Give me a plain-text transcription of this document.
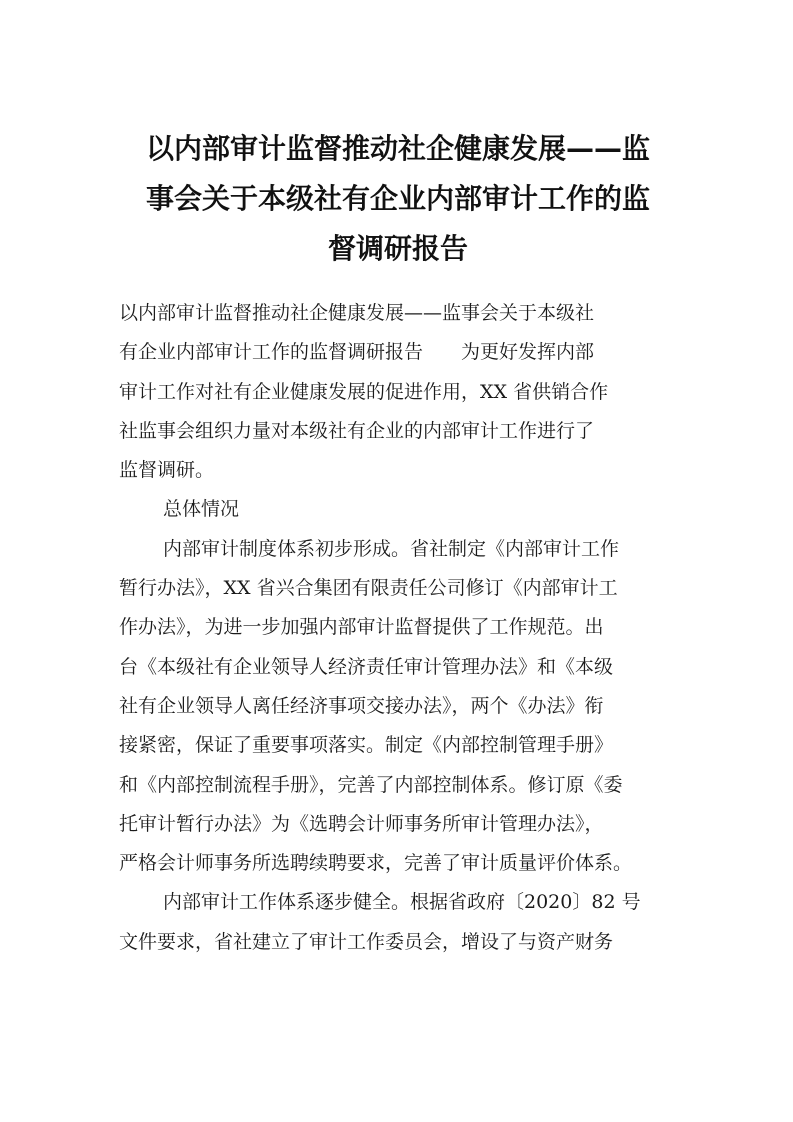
以内部审计监督推动社企健康发展——监
事会关于本级社有企业内部审计工作的监
督调研报告
以内部审计监督推动社企健康发展——监事会关于本级社
有企业内部审计工作的监督调研报告　　为更好发挥内部
审计工作对社有企业健康发展的促进作用，XX 省供销合作
社监事会组织力量对本级社有企业的内部审计工作进行了
监督调研。
总体情况
内部审计制度体系初步形成。省社制定《内部审计工作
暂行办法》，XX 省兴合集团有限责任公司修订《内部审计工
作办法》，为进一步加强内部审计监督提供了工作规范。出
台《本级社有企业领导人经济责任审计管理办法》和《本级
社有企业领导人离任经济事项交接办法》，两个《办法》衔
接紧密，保证了重要事项落实。制定《内部控制管理手册》
和《内部控制流程手册》，完善了内部控制体系。修订原《委
托审计暂行办法》为《选聘会计师事务所审计管理办法》，
严格会计师事务所选聘续聘要求，完善了审计质量评价体系。
内部审计工作体系逐步健全。根据省政府〔2020〕82 号
文件要求，省社建立了审计工作委员会，增设了与资产财务
